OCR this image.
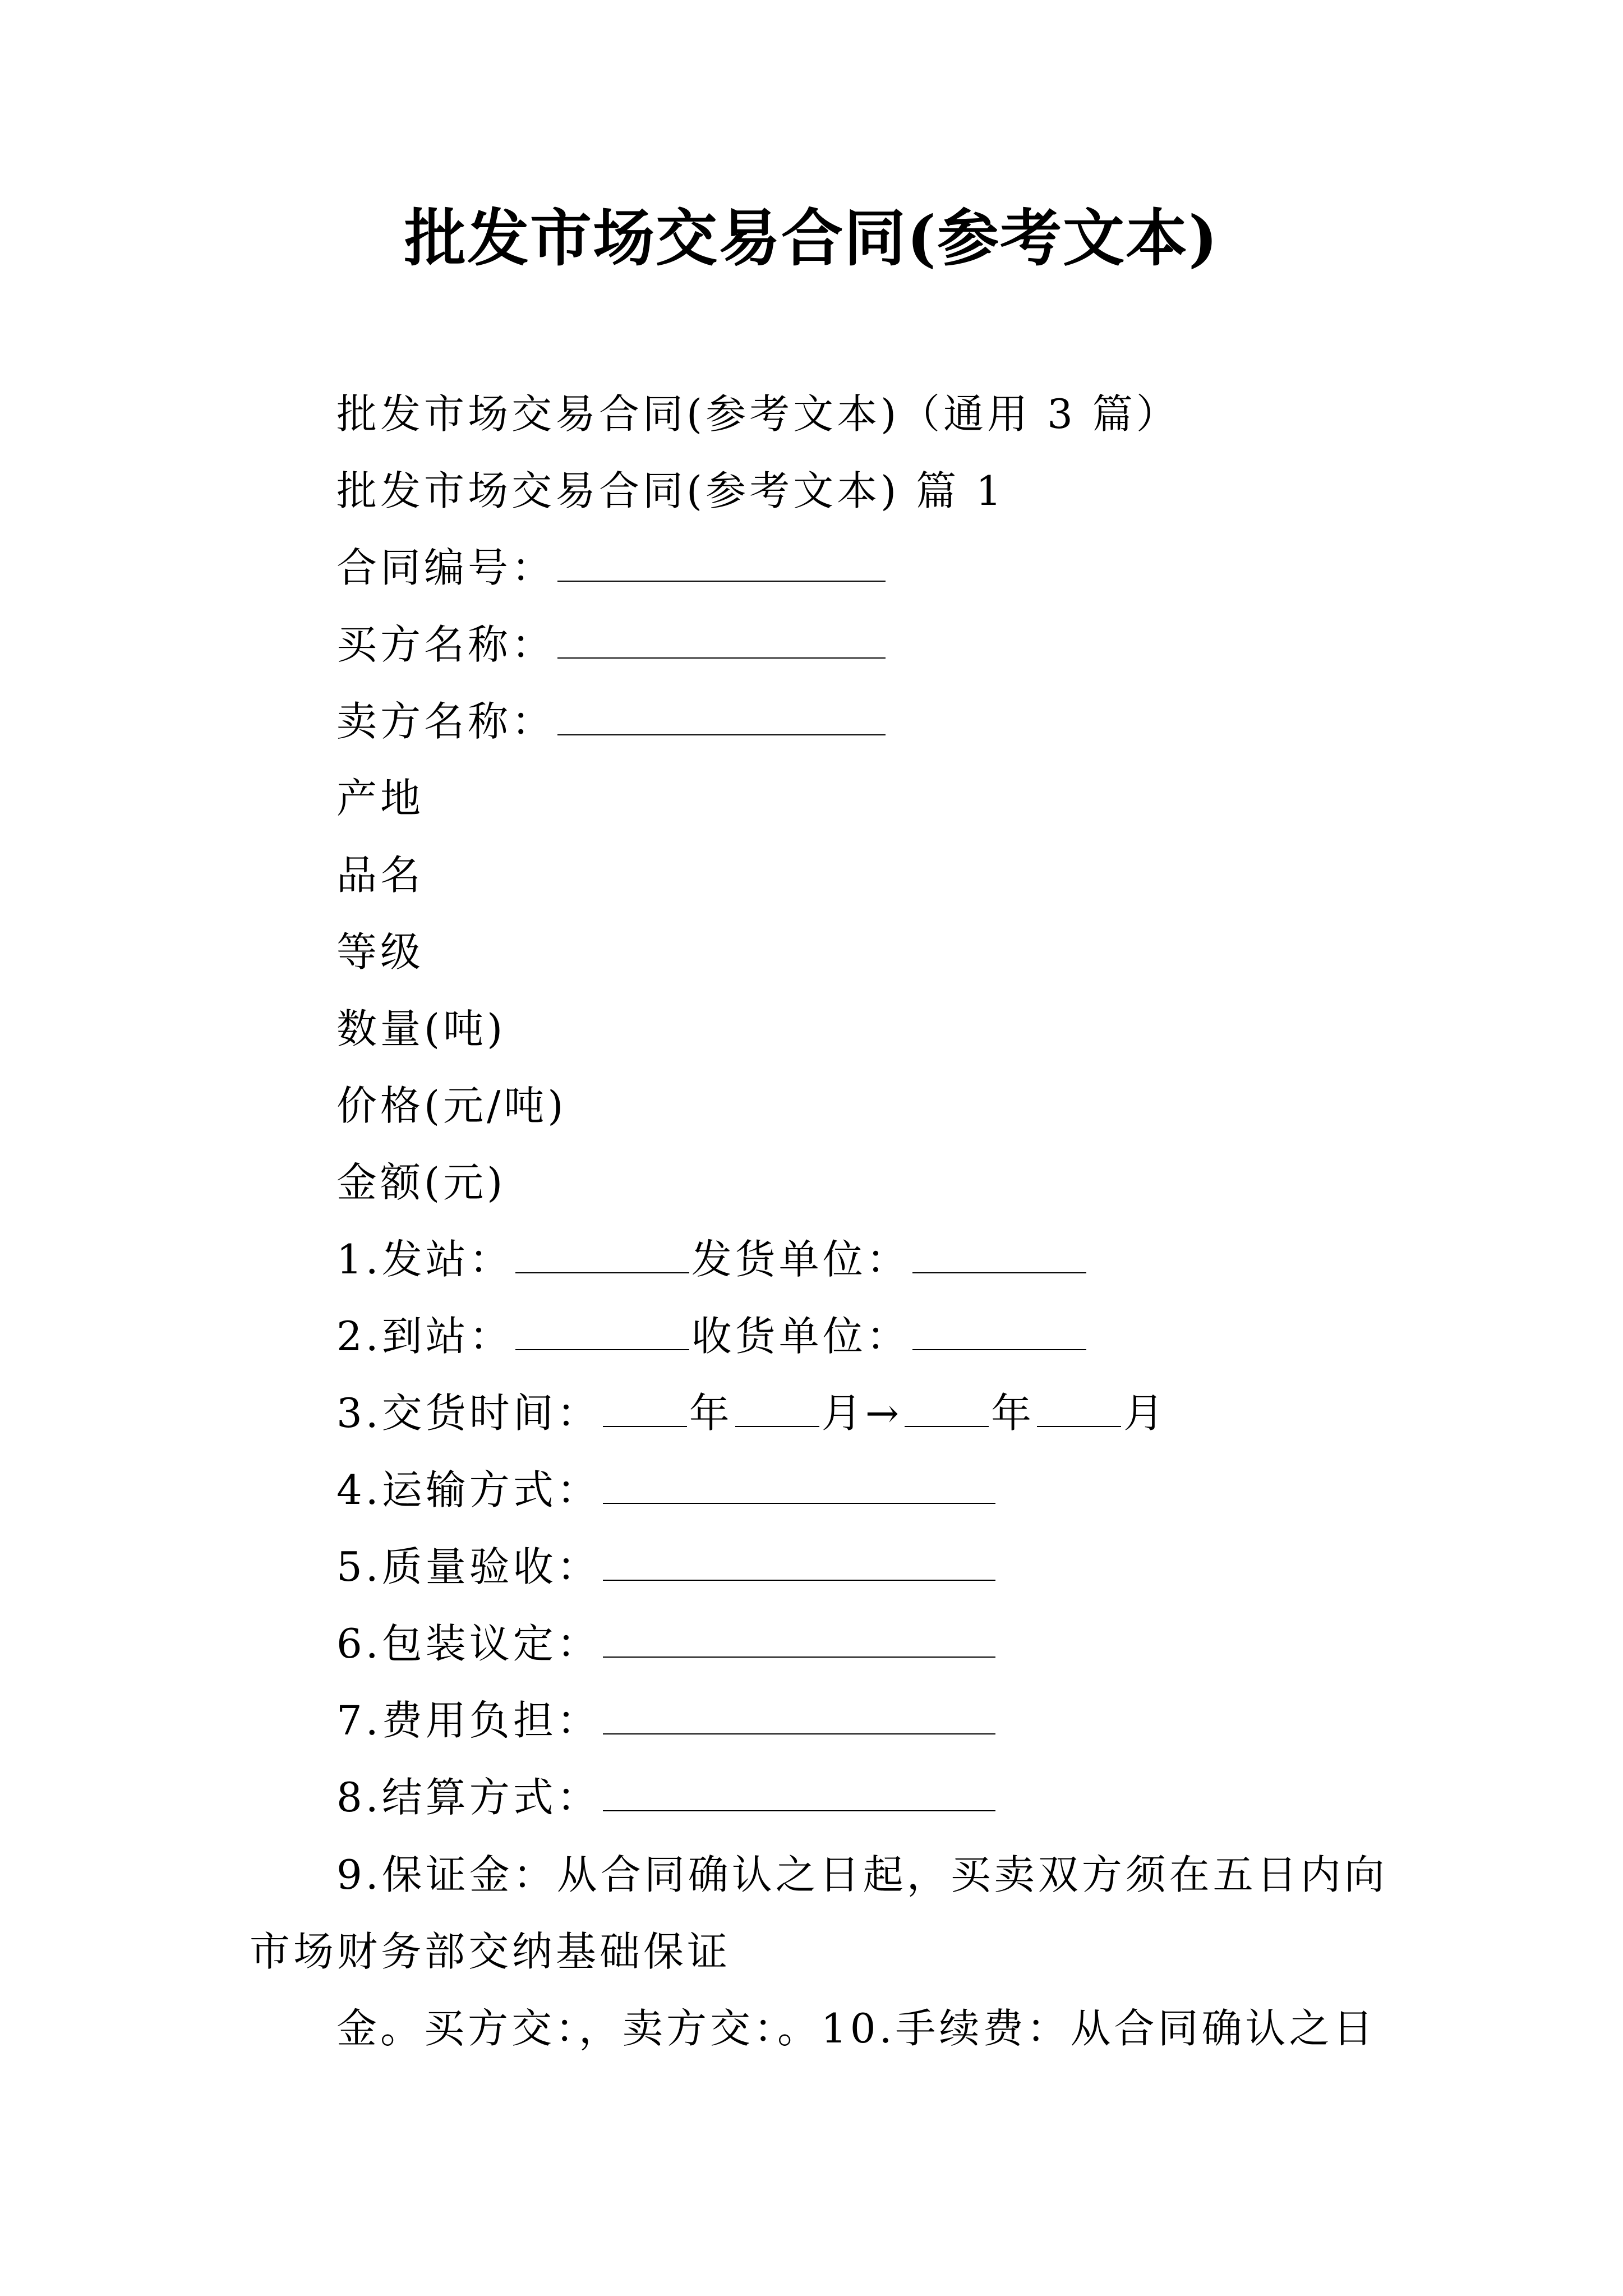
批发市场交易合同(参考文本)
批发市场交易合同(参考文本)（通用 3 篇）
批发市场交易合同(参考文本) 篇 1
合同编号：
买方名称：
卖方名称：
产地
品名
等级
数量(吨)
价格(元/吨)
金额(元)
1.发站：	发货单位：
2.到站：	收货单位：
3.交货时间： 年 月→ 年 月
4.运输方式：
5.质量验收：
6.包装议定：
7.费用负担：
8.结算方式：
9.保证金：从合同确认之日起，买卖双方须在五日内向
市场财务部交纳基础保证
金。买方交：，卖方交：。10.手续费：从合同确认之日
